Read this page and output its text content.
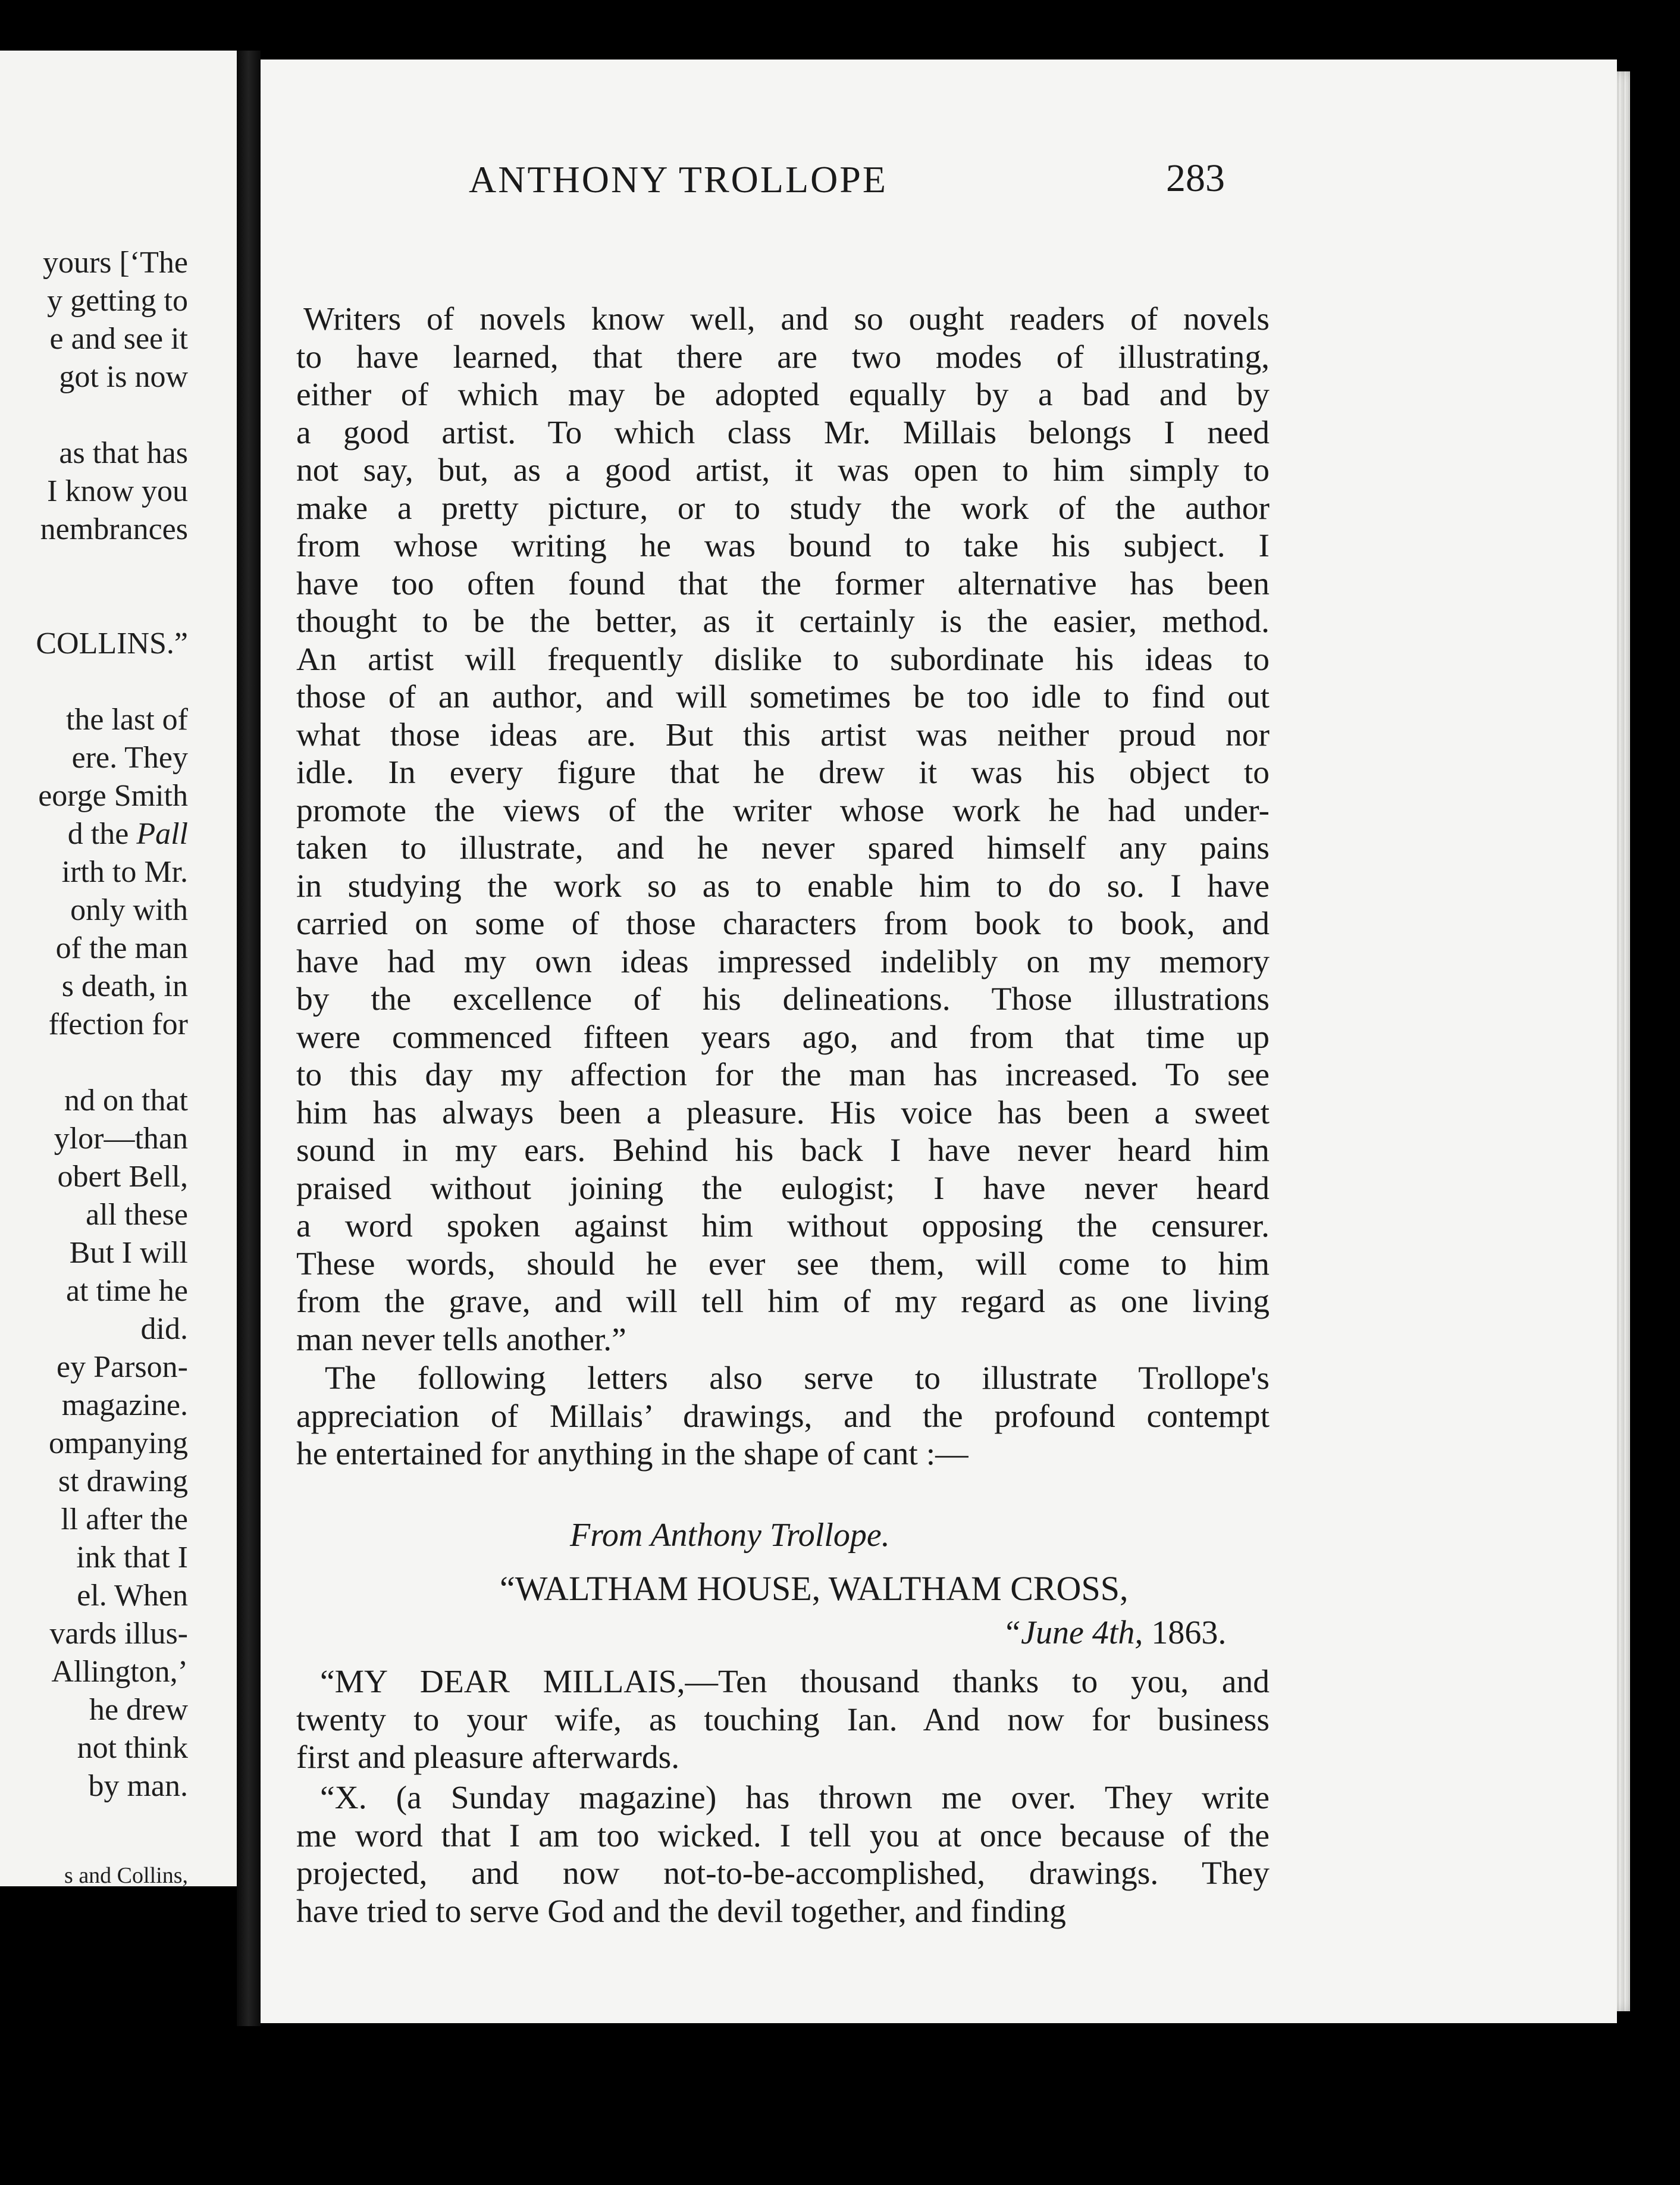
yours [‘The
y getting to
e and see it
got is now
as that has
I know you
nembrances
COLLINS.”
the last of
ere. They
eorge Smith
d the Pall
irth to Mr.
only with
of the man
s death, in
ffection for
nd on that
ylor—than
obert Bell,
all these
But I will
at time he
did.
ey Parson-
magazine.
ompanying
st drawing
ll after the
ink that I
el. When
vards illus-
Allington,’
he drew
not think
by man.
s and Collins,
ANTHONY TROLLOPE	283
Writers of novels know well, and so ought readers of novels
to have learned, that there are two modes of illustrating,
either of which may be adopted equally by a bad and by
a good artist. To which class Mr. Millais belongs I need
not say, but, as a good artist, it was open to him simply to
make a pretty picture, or to study the work of the author
from whose writing he was bound to take his subject. I
have too often found that the former alternative has been
thought to be the better, as it certainly is the easier, method.
An artist will frequently dislike to subordinate his ideas to
those of an author, and will sometimes be too idle to find out
what those ideas are. But this artist was neither proud nor
idle. In every figure that he drew it was his object to
promote the views of the writer whose work he had under-
taken to illustrate, and he never spared himself any pains
in studying the work so as to enable him to do so. I have
carried on some of those characters from book to book, and
have had my own ideas impressed indelibly on my memory
by the excellence of his delineations. Those illustrations
were commenced fifteen years ago, and from that time up
to this day my affection for the man has increased. To see
him has always been a pleasure. His voice has been a sweet
sound in my ears. Behind his back I have never heard him
praised without joining the eulogist; I have never heard
a word spoken against him without opposing the censurer.
These words, should he ever see them, will come to him
from the grave, and will tell him of my regard as one living
man never tells another.”
The following letters also serve to illustrate Trollope's
appreciation of Millais’ drawings, and the profound contempt
he entertained for anything in the shape of cant :—
“MY DEAR MILLAIS,—Ten thousand thanks to you, and
twenty to your wife, as touching Ian. And now for business
first and pleasure afterwards.
“X. (a Sunday magazine) has thrown me over. They write
me word that I am too wicked. I tell you at once because of the
projected, and now not-to-be-accomplished, drawings. They
have tried to serve God and the devil together, and finding
From Anthony Trollope.
“WALTHAM HOUSE, WALTHAM CROSS,
“June 4th, 1863.
